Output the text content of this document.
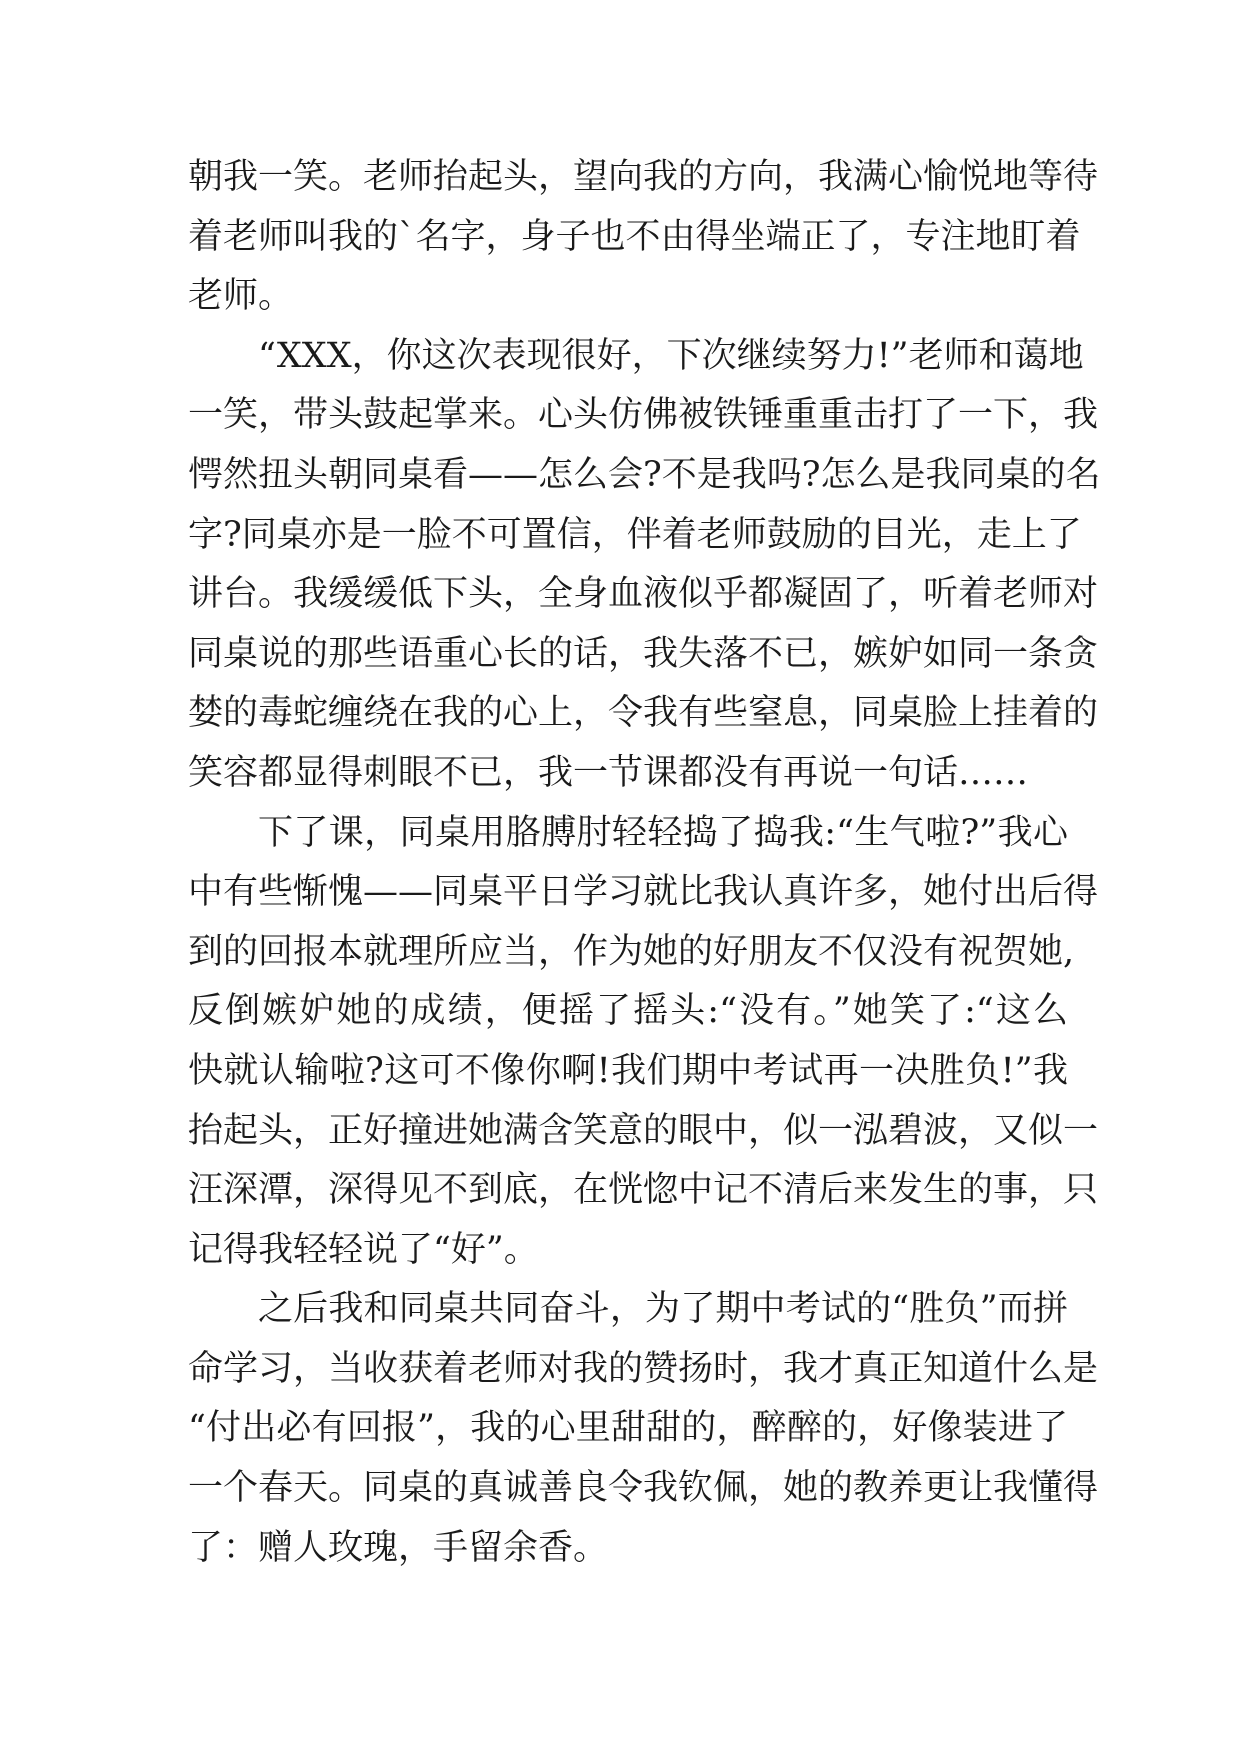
朝我一笑。老师抬起头，望向我的方向，我满心愉悦地等待
着老师叫我的`名字，身子也不由得坐端正了，专注地盯着
老师。
“XXX，你这次表现很好，下次继续努力!”老师和蔼地
一笑，带头鼓起掌来。心头仿佛被铁锤重重击打了一下，我
愕然扭头朝同桌看——怎么会?不是我吗?怎么是我同桌的名
字?同桌亦是一脸不可置信，伴着老师鼓励的目光，走上了
讲台。我缓缓低下头，全身血液似乎都凝固了，听着老师对
同桌说的那些语重心长的话，我失落不已，嫉妒如同一条贪
婪的毒蛇缠绕在我的心上，令我有些窒息，同桌脸上挂着的
笑容都显得刺眼不已，我一节课都没有再说一句话……
下了课，同桌用胳膊肘轻轻捣了捣我:“生气啦?”我心
中有些惭愧——同桌平日学习就比我认真许多，她付出后得
到的回报本就理所应当，作为她的好朋友不仅没有祝贺她,
反倒嫉妒她的成绩，便摇了摇头:“没有。”她笑了:“这么
快就认输啦?这可不像你啊!我们期中考试再一决胜负!”我
抬起头，正好撞进她满含笑意的眼中，似一泓碧波，又似一
汪深潭，深得见不到底，在恍惚中记不清后来发生的事，只
记得我轻轻说了“好”。
之后我和同桌共同奋斗，为了期中考试的“胜负”而拼
命学习，当收获着老师对我的赞扬时，我才真正知道什么是
“付出必有回报”，我的心里甜甜的，醉醉的，好像装进了
一个春天。同桌的真诚善良令我钦佩，她的教养更让我懂得
了：赠人玫瑰，手留余香。
